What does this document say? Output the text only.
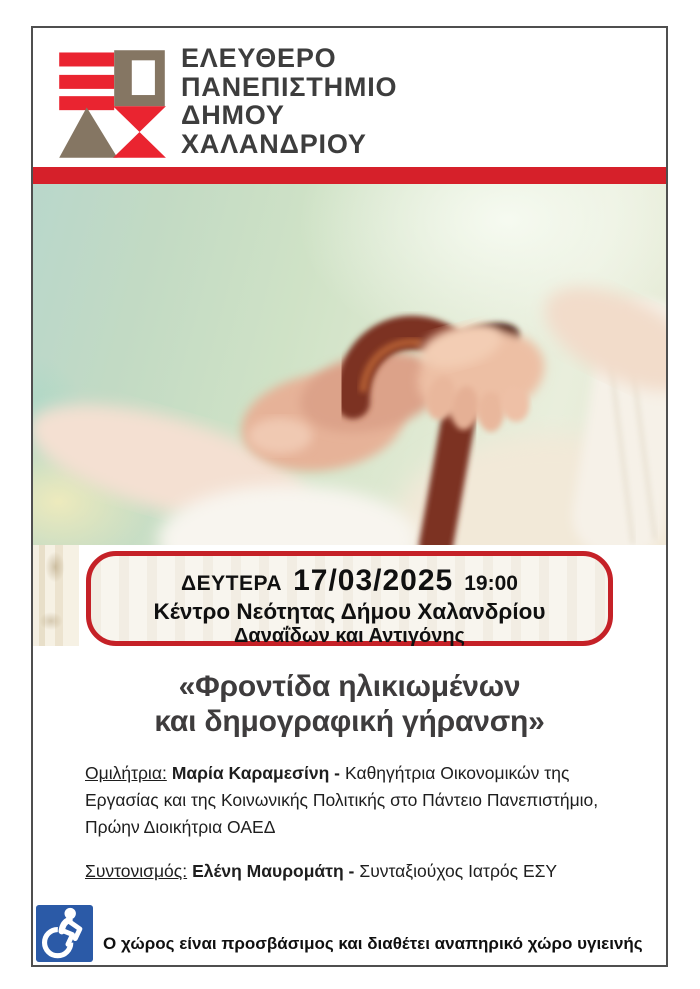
ΕΛΕΥΘΕΡΟ
ΠΑΝΕΠΙΣΤΗΜΙΟ
ΔΗΜΟΥ
ΧΑΛΑΝΔΡΙΟΥ
ΔΕΥΤΕΡΑ 17/03/2025 19:00
Κέντρο Νεότητας Δήμου Χαλανδρίου
Δαναΐδων και Αντιγόνης
«Φροντίδα ηλικιωμένων
και δημογραφική γήρανση»

Ομιλήτρια: Μαρία Καραμεσίνη - Καθηγήτρια Οικονομικών της Εργασίας και της Κοινωνικής Πολιτικής στο Πάντειο Πανεπιστήμιο, Πρώην Διοικήτρια ΟΑΕΔ

Συντονισμός: Ελένη Μαυρομάτη - Συνταξιούχος Ιατρός ΕΣΥ

Ο χώρος είναι προσβάσιμος και διαθέτει αναπηρικό χώρο υγιεινής
